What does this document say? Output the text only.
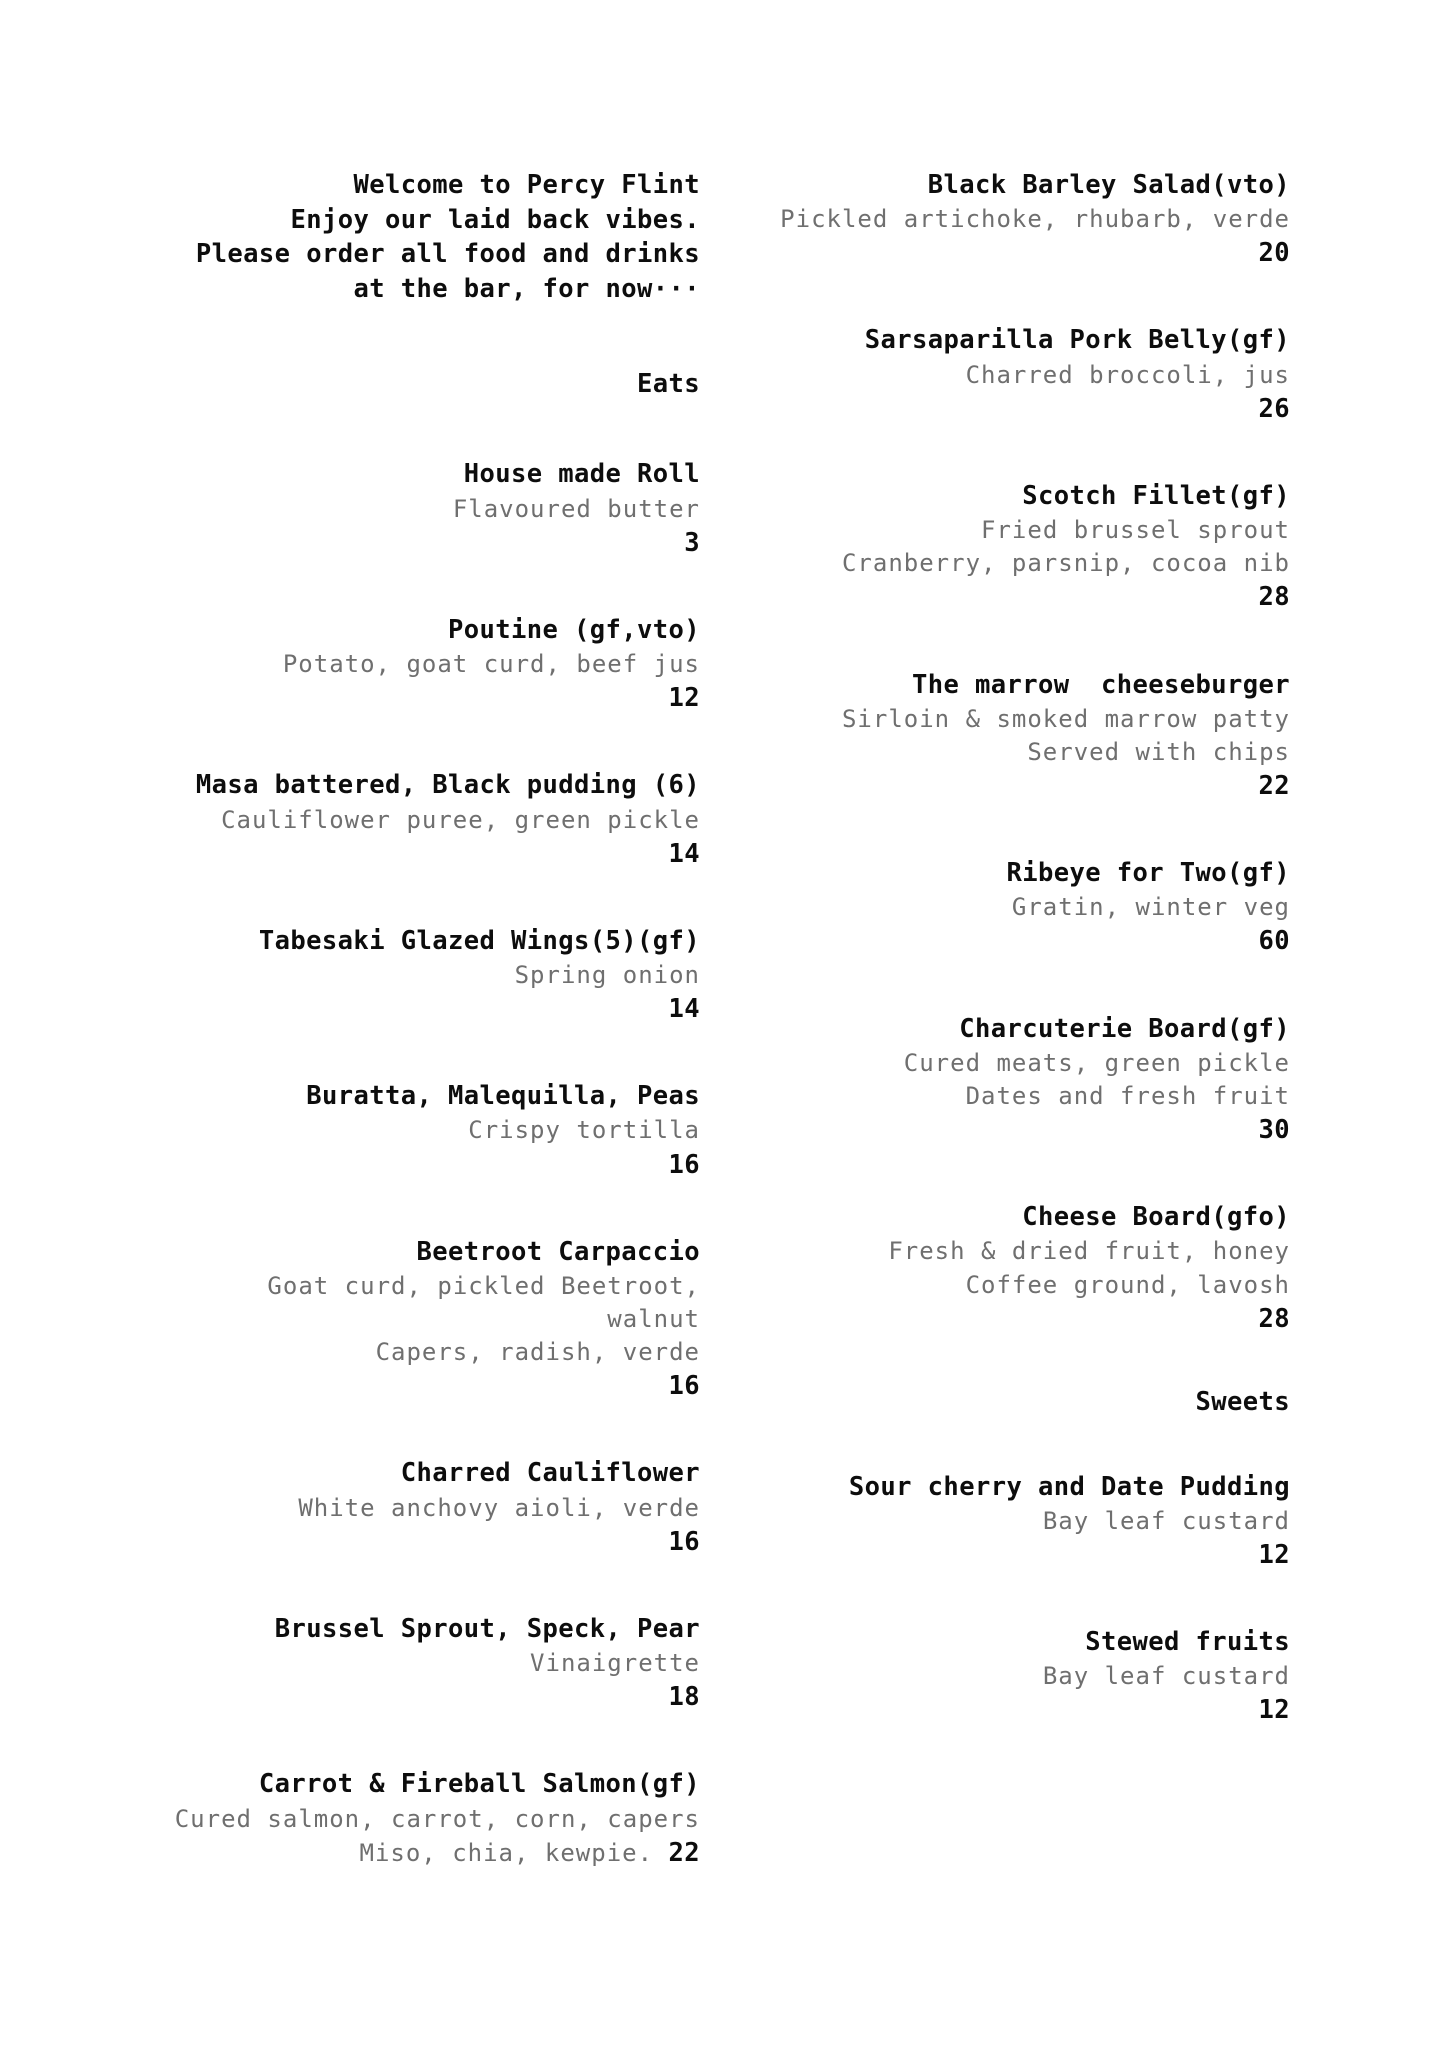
Welcome to Percy Flint
Enjoy our laid back vibes.
Please order all food and drinks
at the bar, for now···
Eats
House made Roll
Flavoured butter
3
Poutine (gf,vto)
Potato, goat curd, beef jus
12
Masa battered, Black pudding (6)
Cauliflower puree, green pickle
14
Tabesaki Glazed Wings(5)(gf)
Spring onion
14
Buratta, Malequilla, Peas
Crispy tortilla
16
Beetroot Carpaccio
Goat curd, pickled Beetroot,
walnut
Capers, radish, verde
16
Charred Cauliflower
White anchovy aioli, verde
16
Brussel Sprout, Speck, Pear
Vinaigrette
18
Carrot & Fireball Salmon(gf)
Cured salmon, carrot, corn, capers
Miso, chia, kewpie. 22
Black Barley Salad(vto)
Pickled artichoke, rhubarb, verde
20
Sarsaparilla Pork Belly(gf)
Charred broccoli, jus
26
Scotch Fillet(gf)
Fried brussel sprout
Cranberry, parsnip, cocoa nib
28
The marrow  cheeseburger
Sirloin & smoked marrow patty
Served with chips
22
Ribeye for Two(gf)
Gratin, winter veg
60
Charcuterie Board(gf)
Cured meats, green pickle
Dates and fresh fruit
30
Cheese Board(gfo)
Fresh & dried fruit, honey
Coffee ground, lavosh
28
Sweets
Sour cherry and Date Pudding
Bay leaf custard
12
Stewed fruits
Bay leaf custard
12
